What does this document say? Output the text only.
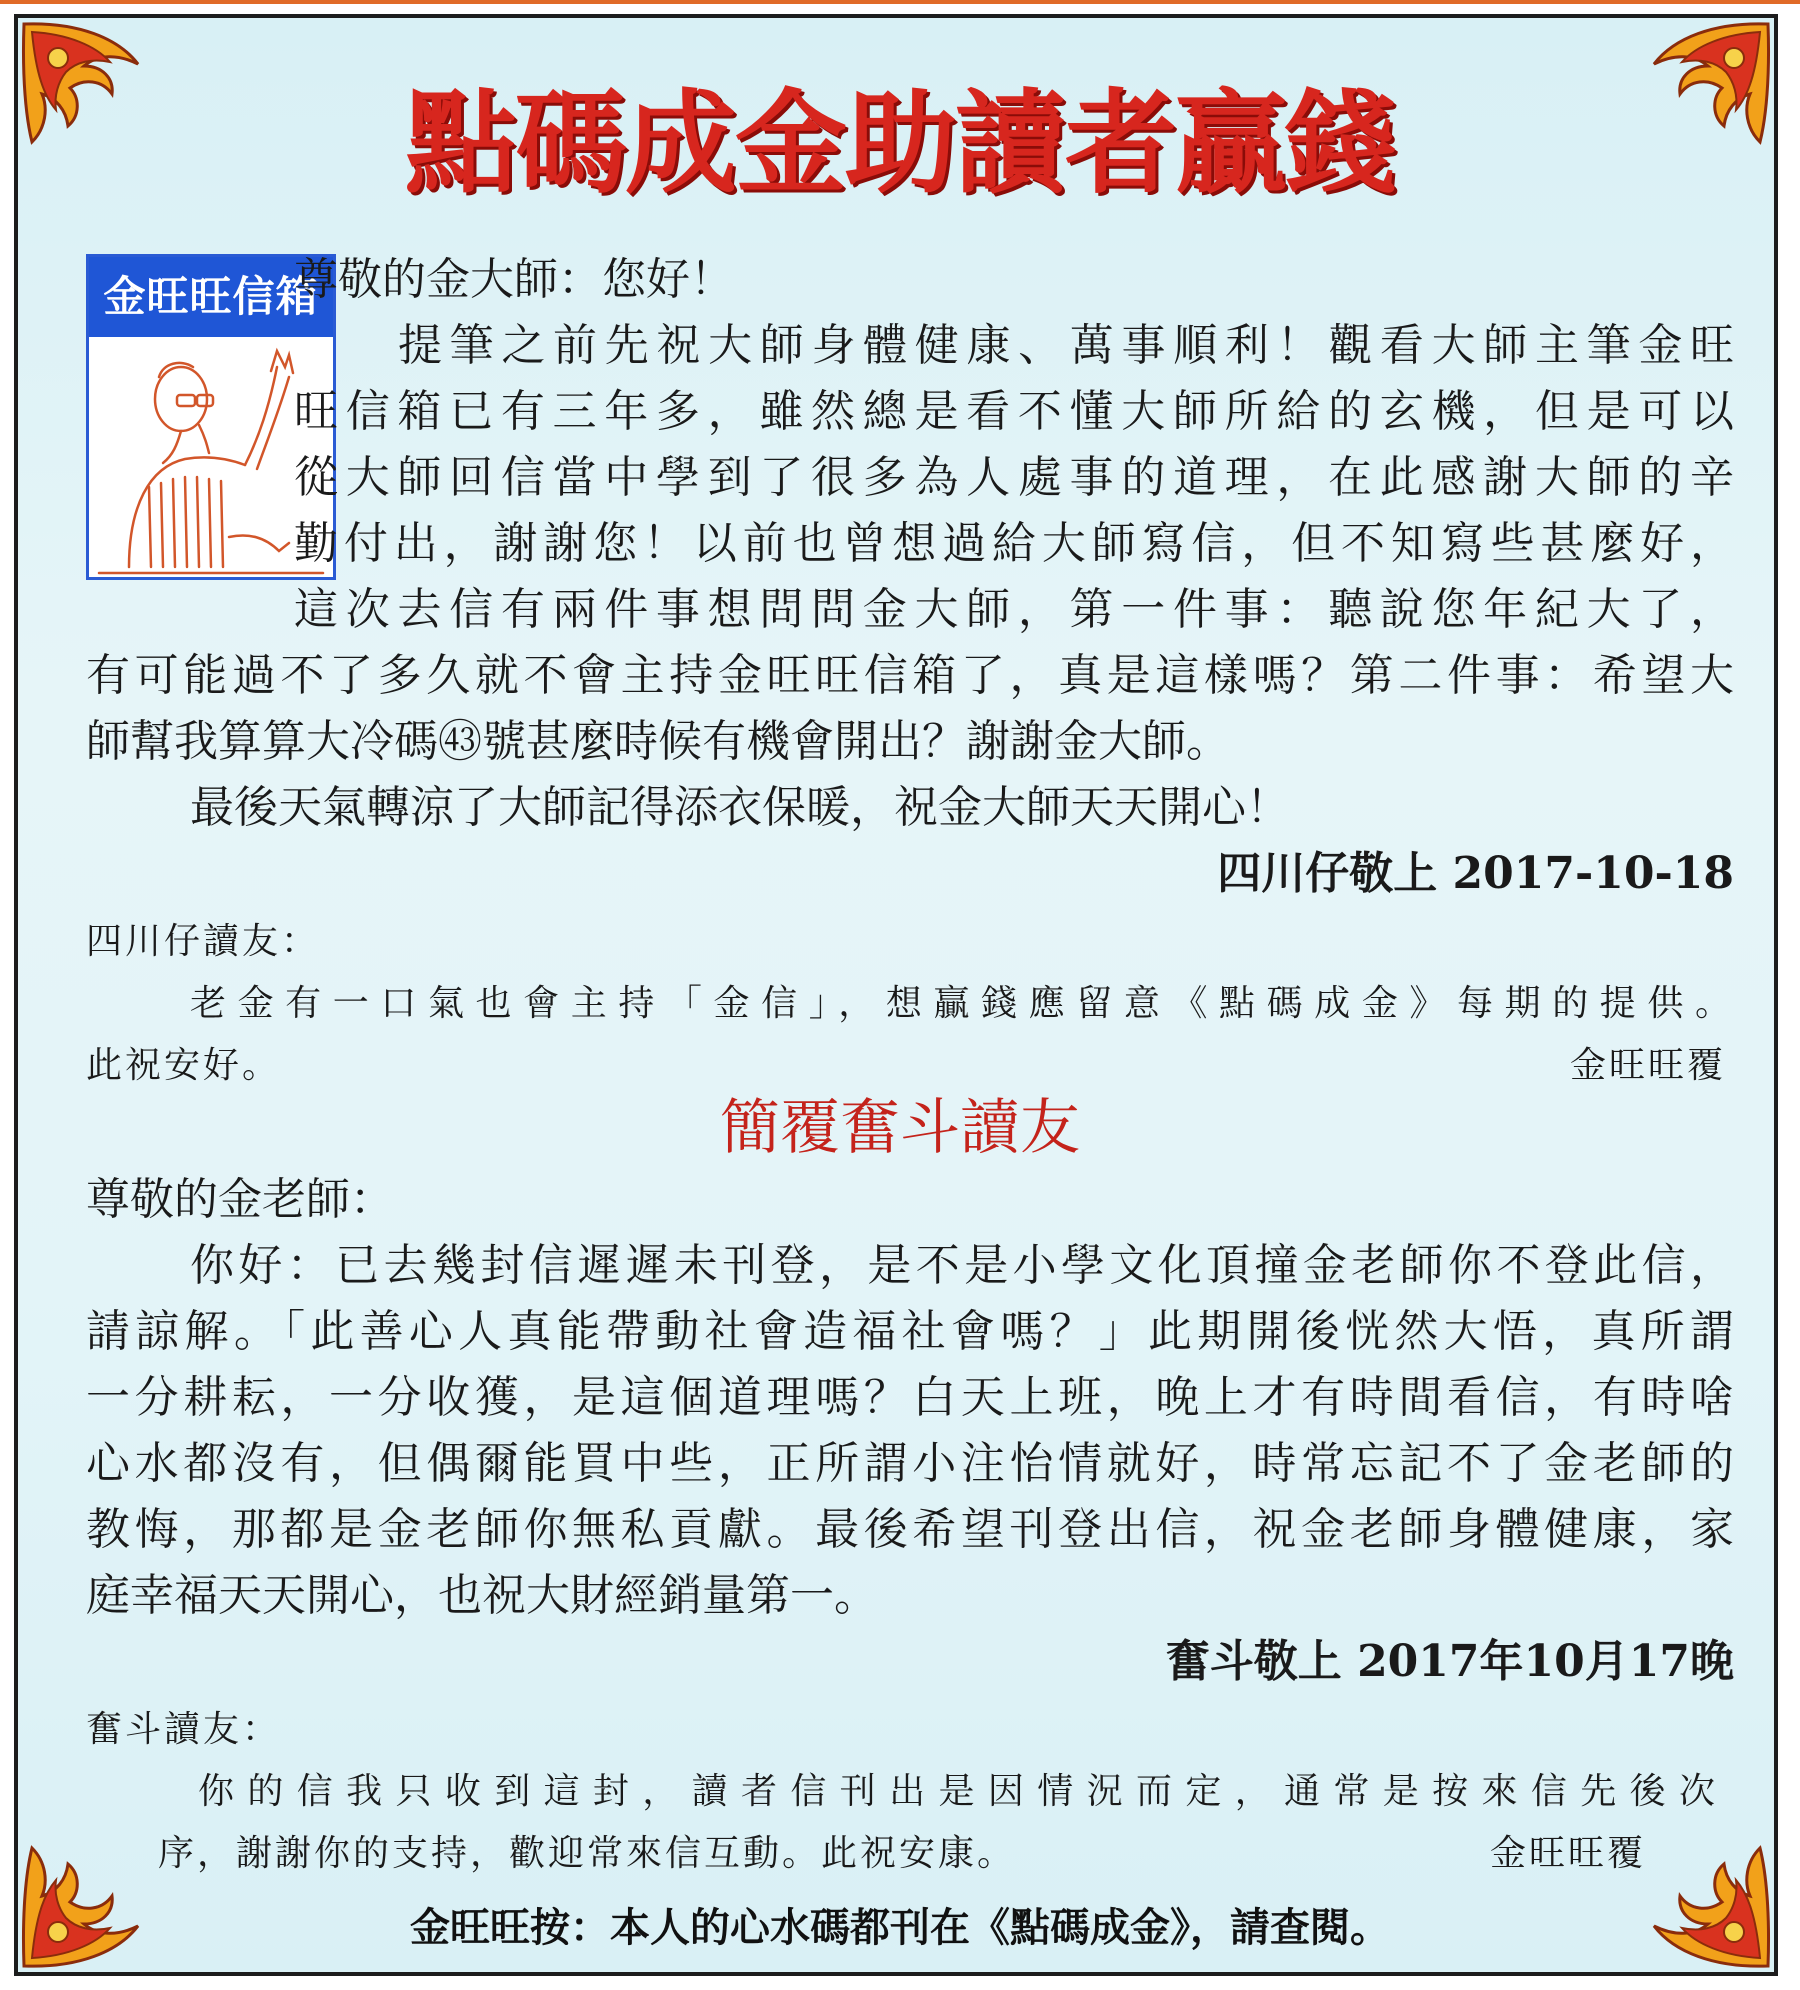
點碼成金助讀者贏錢
金旺旺信箱
尊敬的金大師：您好！
提筆之前先祝大師身體健康、萬事順利！觀看大師主筆金旺
旺信箱已有三年多，雖然總是看不懂大師所給的玄機，但是可以
從大師回信當中學到了很多為人處事的道理，在此感謝大師的辛
勤付出，謝謝您！以前也曾想過給大師寫信，但不知寫些甚麼好，
這次去信有兩件事想問問金大師，第一件事：聽說您年紀大了，
有可能過不了多久就不會主持金旺旺信箱了，真是這樣嗎？第二件事：希望大
師幫我算算大冷碼㊸號甚麼時候有機會開出？謝謝金大師。
最後天氣轉涼了大師記得添衣保暖，祝金大師天天開心！
四川仔敬上 2017-10-18
四川仔讀友：
老金有一口氣也會主持「金信」，想贏錢應留意《點碼成金》每期的提供。
此祝安好。	金旺旺覆
簡覆奮斗讀友
尊敬的金老師：
你好：已去幾封信遲遲未刊登，是不是小學文化頂撞金老師你不登此信，
請諒解。「此善心人真能帶動社會造福社會嗎？」此期開後恍然大悟，真所謂
一分耕耘，一分收獲，是這個道理嗎？白天上班，晚上才有時間看信，有時啥
心水都沒有，但偶爾能買中些，正所謂小注怡情就好，時常忘記不了金老師的
教悔，那都是金老師你無私貢獻。最後希望刊登出信，祝金老師身體健康，家
庭幸福天天開心，也祝大財經銷量第一。
奮斗敬上 2017年10月17晚
奮斗讀友：
你的信我只收到這封，讀者信刊出是因情況而定，通常是按來信先後次
序，謝謝你的支持，歡迎常來信互動。此祝安康。	金旺旺覆
金旺旺按：本人的心水碼都刊在《點碼成金》，請查閱。
